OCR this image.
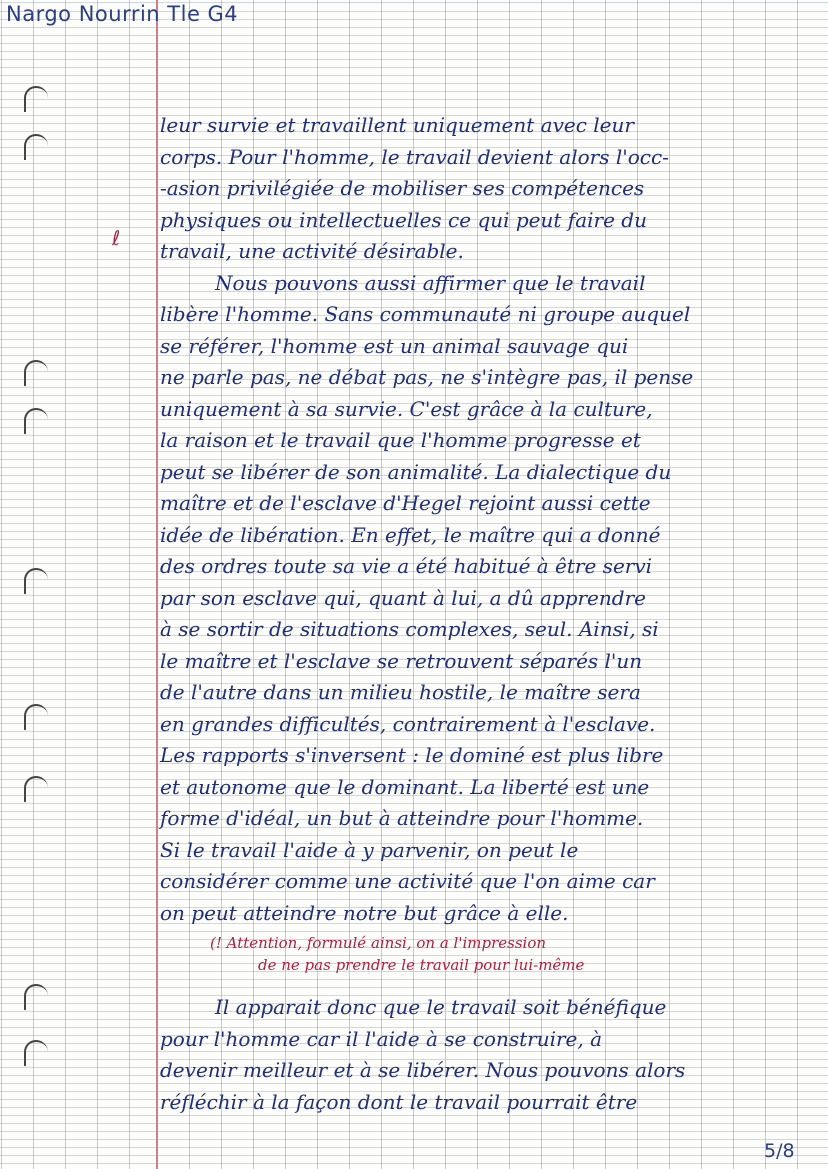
Nargo Nourrin Tle G4
ℓ
leur survie et travaillent uniquement avec leur
corps. Pour l'homme, le travail devient alors l'occ-
-asion privilégiée de mobiliser ses compétences
physiques ou intellectuelles ce qui peut faire du
travail, une activité désirable.
Nous pouvons aussi affirmer que le travail
libère l'homme. Sans communauté ni groupe auquel
se référer, l'homme est un animal sauvage qui
ne parle pas, ne débat pas, ne s'intègre pas, il pense
uniquement à sa survie. C'est grâce à la culture,
la raison et le travail que l'homme progresse et
peut se libérer de son animalité. La dialectique du
maître et de l'esclave d'Hegel rejoint aussi cette
idée de libération. En effet, le maître qui a donné
des ordres toute sa vie a été habitué à être servi
par son esclave qui, quant à lui, a dû apprendre
à se sortir de situations complexes, seul. Ainsi, si
le maître et l'esclave se retrouvent séparés l'un
de l'autre dans un milieu hostile, le maître sera
en grandes difficultés, contrairement à l'esclave.
Les rapports s'inversent : le dominé est plus libre
et autonome que le dominant. La liberté est une
forme d'idéal, un but à atteindre pour l'homme.
Si le travail l'aide à y parvenir, on peut le
considérer comme une activité que l'on aime car
on peut atteindre notre but grâce à elle.
Il apparait donc que le travail soit bénéfique
pour l'homme car il l'aide à se construire, à
devenir meilleur et à se libérer. Nous pouvons alors
réfléchir à la façon dont le travail pourrait être
(! Attention, formulé ainsi, on a l'impression
de ne pas prendre le travail pour lui-même
5/8
